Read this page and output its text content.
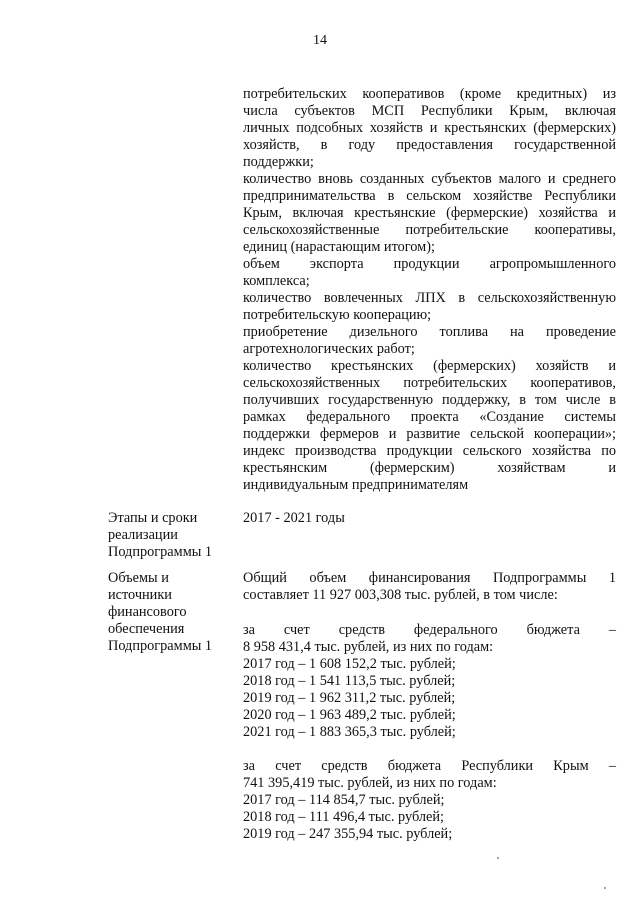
14
потребительских кооперативов (кроме кредитных) из
числа субъектов МСП Республики Крым, включая
личных подсобных хозяйств и крестьянских (фермерских)
хозяйств, в году предоставления государственной
поддержки;
количество вновь созданных субъектов малого и среднего
предпринимательства в сельском хозяйстве Республики
Крым, включая крестьянские (фермерские) хозяйства и
сельскохозяйственные потребительские кооперативы,
единиц (нарастающим итогом);
объем экспорта продукции агропромышленного
комплекса;
количество вовлеченных ЛПХ в сельскохозяйственную
потребительскую кооперацию;
приобретение дизельного топлива на проведение
агротехнологических работ;
количество крестьянских (фермерских) хозяйств и
сельскохозяйственных потребительских кооперативов,
получивших государственную поддержку, в том числе в
рамках федерального проекта «Создание системы
поддержки фермеров и развитие сельской кооперации»;
индекс производства продукции сельского хозяйства по
крестьянским (фермерским) хозяйствам и
индивидуальным предпринимателям
Этапы и сроки
реализации
Подпрограммы 1
2017 - 2021 годы
Объемы и
источники
финансового
обеспечения
Подпрограммы 1
Общий объем финансирования Подпрограммы 1
составляет 11 927 003,308 тыс. рублей, в том числе:
за счет средств федерального бюджета –
8 958 431,4 тыс. рублей, из них по годам:
2017 год – 1 608 152,2 тыс. рублей;
2018 год – 1 541 113,5 тыс. рублей;
2019 год – 1 962 311,2 тыс. рублей;
2020 год – 1 963 489,2 тыс. рублей;
2021 год – 1 883 365,3 тыс. рублей;
за счет средств бюджета Республики Крым –
741 395,419 тыс. рублей, из них по годам:
2017 год – 114 854,7 тыс. рублей;
2018 год – 111 496,4 тыс. рублей;
2019 год – 247 355,94 тыс. рублей;
